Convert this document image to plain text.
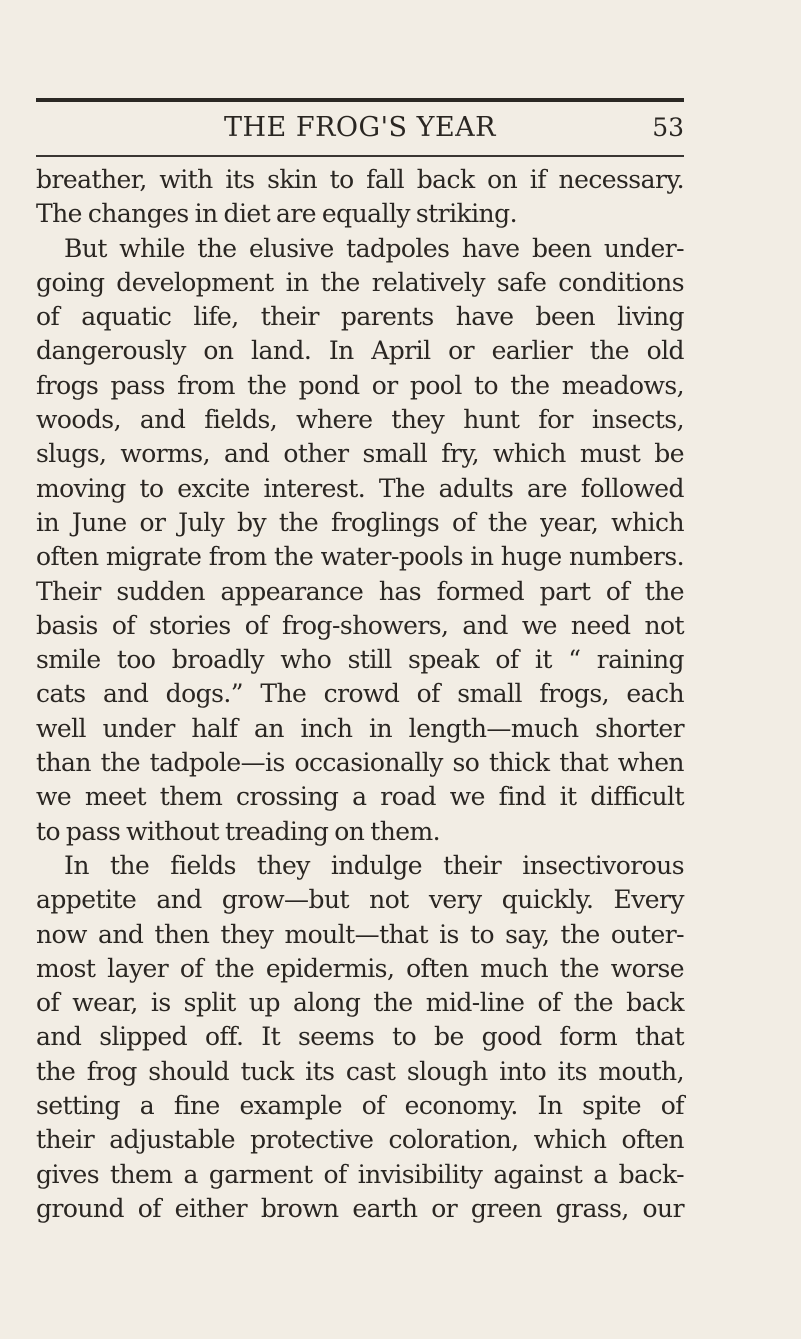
THE FROG'S YEAR	53
breather, with its skin to fall back on if necessary.
The changes in diet are equally striking.
But while the elusive tadpoles have been under-
going development in the relatively safe conditions
of aquatic life, their parents have been living
dangerously on land. In April or earlier the old
frogs pass from the pond or pool to the meadows,
woods, and fields, where they hunt for insects,
slugs, worms, and other small fry, which must be
moving to excite interest. The adults are followed
in June or July by the froglings of the year, which
often migrate from the water-pools in huge numbers.
Their sudden appearance has formed part of the
basis of stories of frog-showers, and we need not
smile too broadly who still speak of it “ raining
cats and dogs.” The crowd of small frogs, each
well under half an inch in length—much shorter
than the tadpole—is occasionally so thick that when
we meet them crossing a road we find it difficult
to pass without treading on them.
In the fields they indulge their insectivorous
appetite and grow—but not very quickly. Every
now and then they moult—that is to say, the outer-
most layer of the epidermis, often much the worse
of wear, is split up along the mid-line of the back
and slipped off. It seems to be good form that
the frog should tuck its cast slough into its mouth,
setting a fine example of economy. In spite of
their adjustable protective coloration, which often
gives them a garment of invisibility against a back-
ground of either brown earth or green grass, our
